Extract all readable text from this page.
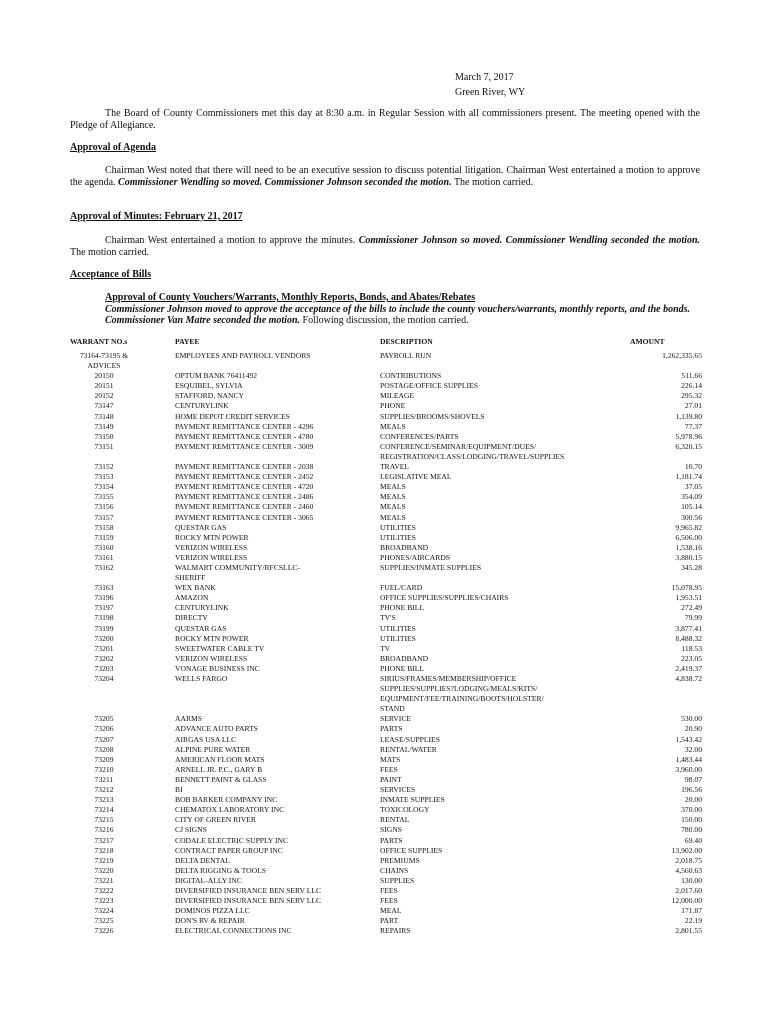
March 7, 2017
Green River, WY
The Board of County Commissioners met this day at 8:30 a.m. in Regular Session with all commissioners present. The meeting opened with the Pledge of Allegiance.
Approval of Agenda
Chairman West noted that there will need to be an executive session to discuss potential litigation. Chairman West entertained a motion to approve the agenda. Commissioner Wendling so moved. Commissioner Johnson seconded the motion. The motion carried.
Approval of Minutes: February 21, 2017
Chairman West entertained a motion to approve the minutes. Commissioner Johnson so moved. Commissioner Wendling seconded the motion. The motion carried.
Acceptance of Bills
Approval of County Vouchers/Warrants, Monthly Reports, Bonds, and Abates/Rebates
Commissioner Johnson moved to approve the acceptance of the bills to include the county vouchers/warrants, monthly reports, and the bonds. Commissioner Van Matre seconded the motion. Following discussion, the motion carried.
WARRANT NO.s	PAYEE	DESCRIPTION	AMOUNT
73164-73195 &
ADVICES	EMPLOYEES AND PAYROLL VENDORS	PAYROLL RUN	1,262,335.65
20150	OPTUM BANK 76411492	CONTRIBUTIONS	511.66
20151	ESQUIBEL, SYLVIA	POSTAGE/OFFICE SUPPLIES	226.14
20152	STAFFORD, NANCY	MILEAGE	295.32
73147	CENTURYLINK	PHONE	27.01
73148	HOME DEPOT CREDIT SERVICES	SUPPLIES/BROOMS/SHOVELS	1,139.80
73149	PAYMENT REMITTANCE CENTER - 4296	MEALS	77.37
73150	PAYMENT REMITTANCE CENTER - 4780	CONFERENCES/PARTS	5,978.96
73151	PAYMENT REMITTANCE CENTER - 3009	CONFERENCE/SEMINAR/EQUIPMENT/DUES/
REGISTRATION/CLASS/LODGING/TRAVEL/SUPPLIES	6,320.15
73152	PAYMENT REMITTANCE CENTER - 2038	TRAVEL	10.70
73153	PAYMENT REMITTANCE CENTER - 2452	LEGISLATIVE MEAL	1,181.74
73154	PAYMENT REMITTANCE CENTER - 4720	MEALS	37.05
73155	PAYMENT REMITTANCE CENTER - 2486	MEALS	354.09
73156	PAYMENT REMITTANCE CENTER - 2460	MEALS	105.14
73157	PAYMENT REMITTANCE CENTER - 3065	MEALS	300.56
73158	QUESTAR GAS	UTILITIES	9,965.82
73159	ROCKY MTN POWER	UTILITIES	6,506.00
73160	VERIZON WIRELESS	BROADBAND	1,538.16
73161	VERIZON WIRELESS	PHONES/AIRCARDS	3,880.15
73162	WALMART COMMUNITY/RFCSLLC-
SHERIFF	SUPPLIES/INMATE SUPPLIES	345.28
73163	WEX BANK	FUEL/CARD	15,078.95
73196	AMAZON	OFFICE SUPPLIES/SUPPLIES/CHAIRS	1,953.51
73197	CENTURYLINK	PHONE BILL	272.49
73198	DIRECTV	TV'S	79.99
73199	QUESTAR GAS	UTILITIES	3,877.41
73200	ROCKY MTN POWER	UTILITIES	8,488.32
73201	SWEETWATER CABLE TV	TV	118.53
73202	VERIZON WIRELESS	BROADBAND	223.05
73203	VONAGE BUSINESS INC	PHONE BILL	2,419.37
73204	WELLS FARGO	SIRIUS/FRAMES/MEMBERSHIP/OFFICE
SUPPLIES/SUPPLIES?LODGING/MEALS/KITS/
EQUIPMENT/FEE/TRAINING/BOOTS/HOLSTER/
STAND	4,838.72
73205	AARMS	SERVICE	530.00
73206	ADVANCE AUTO PARTS	PARTS	20.90
73207	AIRGAS USA LLC	LEASE/SUPPLIES	1,543.42
73208	ALPINE PURE WATER	RENTAL/WATER	32.00
73209	AMERICAN FLOOR MATS	MATS	1,483.44
73210	ARNELL JR. P.C., GARY B	FEES	3,960.00
73211	BENNETT PAINT & GLASS	PAINT	98.07
73212	BI	SERVICES	196.56
73213	BOB BARKER COMPANY INC	INMATE SUPPLIES	20.00
73214	CHEMATOX LABORATORY INC	TOXICOLOGY	370.00
73215	CITY OF GREEN RIVER	RENTAL	150.00
73216	CJ SIGNS	SIGNS	780.00
73217	CODALE ELECTRIC SUPPLY INC	PARTS	69.40
73218	CONTRACT PAPER GROUP INC	OFFICE SUPPLIES	13,902.00
73219	DELTA DENTAL	PREMIUMS	2,018.75
73220	DELTA RIGGING & TOOLS	CHAINS	4,560.63
73221	DIGITAL-ALLY INC	SUPPLIES	130.00
73222	DIVERSIFIED INSURANCE BEN SERV LLC	FEES	2,017.60
73223	DIVERSIFIED INSURANCE BEN SERV LLC	FEES	12,000.00
73224	DOMINOS PIZZA LLC	MEAL	171.87
73225	DON'S RV & REPAIR	PART	22.19
73226	ELECTRICAL CONNECTIONS INC	REPAIRS	2,801.55
